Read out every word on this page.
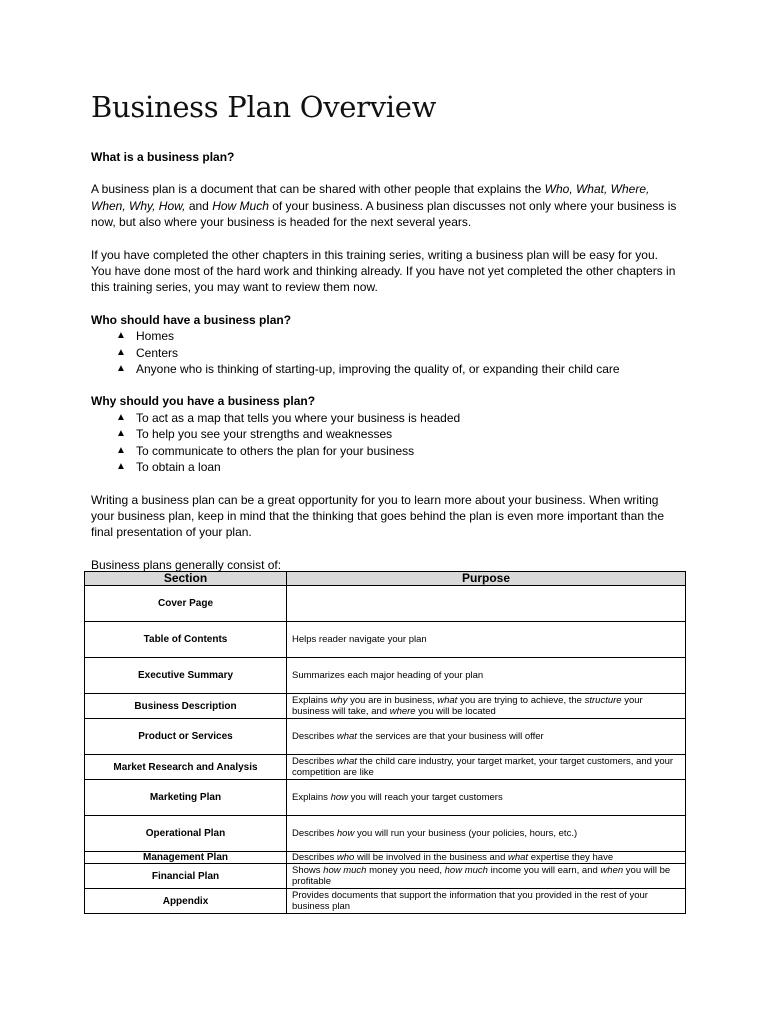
Business Plan Overview

What is a business plan?

A business plan is a document that can be shared with other people that explains the Who, What, Where, When, Why, How, and How Much of your business. A business plan discusses not only where your business is now, but also where your business is headed for the next several years.

If you have completed the other chapters in this training series, writing a business plan will be easy for you. You have done most of the hard work and thinking already. If you have not yet completed the other chapters in this training series, you may want to review them now.

Who should have a business plan?

▲ Homes
▲ Centers
▲ Anyone who is thinking of starting-up, improving the quality of, or expanding their child care

Why should you have a business plan?

▲ To act as a map that tells you where your business is headed
▲ To help you see your strengths and weaknesses
▲ To communicate to others the plan for your business
▲ To obtain a loan

Writing a business plan can be a great opportunity for you to learn more about your business. When writing your business plan, keep in mind that the thinking that goes behind the plan is even more important than the final presentation of your plan.

Business plans generally consist of:

Section	Purpose
Cover Page	
Table of Contents	Helps reader navigate your plan
Executive Summary	Summarizes each major heading of your plan
Business Description	Explains why you are in business, what you are trying to achieve, the structure your business will take, and where you will be located
Product or Services	Describes what the services are that your business will offer
Market Research and Analysis	Describes what the child care industry, your target market, your target customers, and your competition are like
Marketing Plan	Explains how you will reach your target customers
Operational Plan	Describes how you will run your business (your policies, hours, etc.)
Management Plan	Describes who will be involved in the business and what expertise they have
Financial Plan	Shows how much money you need, how much income you will earn, and when you will be profitable
Appendix	Provides documents that support the information that you provided in the rest of your business plan
